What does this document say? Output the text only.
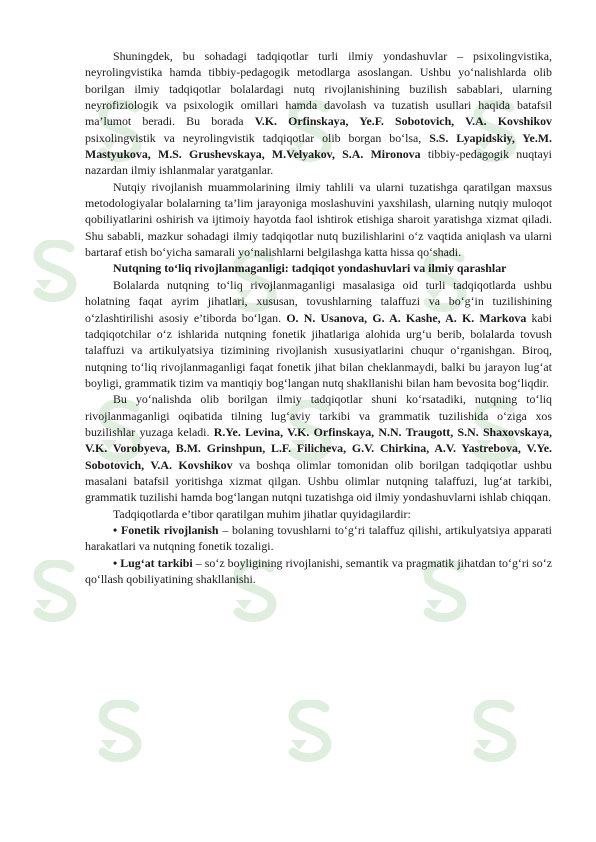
Shuningdek, bu sohadagi tadqiqotlar turli ilmiy yondashuvlar – psixolingvistika, neyrolingvistika hamda tibbiy-pedagogik metodlarga asoslangan. Ushbu yo‘nalishlarda olib borilgan ilmiy tadqiqotlar bolalardagi nutq rivojlanishining buzilish sabablari, ularning neyrofiziologik va psixologik omillari hamda davolash va tuzatish usullari haqida batafsil ma’lumot beradi. Bu borada V.K. Orfinskaya, Ye.F. Sobotovich, V.A. Kovshikov psixolingvistik va neyrolingvistik tadqiqotlar olib borgan bo‘lsa, S.S. Lyapidskiy, Ye.M. Mastyukova, M.S. Grushevskaya, M.Velyakov, S.A. Mironova tibbiy-pedagogik nuqtayi nazardan ilmiy ishlanmalar yaratganlar.

Nutqiy rivojlanish muammolarining ilmiy tahlili va ularni tuzatishga qaratilgan maxsus metodologiyalar bolalarning ta’lim jarayoniga moslashuvini yaxshilash, ularning nutqiy muloqot qobiliyatlarini oshirish va ijtimoiy hayotda faol ishtirok etishiga sharoit yaratishga xizmat qiladi. Shu sababli, mazkur sohadagi ilmiy tadqiqotlar nutq buzilishlarini o‘z vaqtida aniqlash va ularni bartaraf etish bo‘yicha samarali yo‘nalishlarni belgilashga katta hissa qo‘shadi.

Nutqning to‘liq rivojlanmaganligi: tadqiqot yondashuvlari va ilmiy qarashlar

Bolalarda nutqning to‘liq rivojlanmaganligi masalasiga oid turli tadqiqotlarda ushbu holatning faqat ayrim jihatlari, xususan, tovushlarning talaffuzi va bo‘g‘in tuzilishining o‘zlashtirilishi asosiy e’tiborda bo‘lgan. O. N. Usanova, G. A. Kashe, A. K. Markova kabi tadqiqotchilar o‘z ishlarida nutqning fonetik jihatlariga alohida urg‘u berib, bolalarda tovush talaffuzi va artikulyatsiya tizimining rivojlanish xususiyatlarini chuqur o‘rganishgan. Biroq, nutqning to‘liq rivojlanmaganligi faqat fonetik jihat bilan cheklanmaydi, balki bu jarayon lug‘at boyligi, grammatik tizim va mantiqiy bog‘langan nutq shakllanishi bilan ham bevosita bog‘liqdir.

Bu yo‘nalishda olib borilgan ilmiy tadqiqotlar shuni ko‘rsatadiki, nutqning to‘liq rivojlanmaganligi oqibatida tilning lug‘aviy tarkibi va grammatik tuzilishida o‘ziga xos buzilishlar yuzaga keladi. R.Ye. Levina, V.K. Orfinskaya, N.N. Traugott, S.N. Shaxovskaya, V.K. Vorobyeva, B.M. Grinshpun, L.F. Filicheva, G.V. Chirkina, A.V. Yastrebova, V.Ye. Sobotovich, V.A. Kovshikov va boshqa olimlar tomonidan olib borilgan tadqiqotlar ushbu masalani batafsil yoritishga xizmat qilgan. Ushbu olimlar nutqning talaffuzi, lug‘at tarkibi, grammatik tuzilishi hamda bog‘langan nutqni tuzatishga oid ilmiy yondashuvlarni ishlab chiqqan.

Tadqiqotlarda e’tibor qaratilgan muhim jihatlar quyidagilardir:

• Fonetik rivojlanish – bolaning tovushlarni to‘g‘ri talaffuz qilishi, artikulyatsiya apparati harakatlari va nutqning fonetik tozaligi.

• Lug‘at tarkibi – so‘z boyligining rivojlanishi, semantik va pragmatik jihatdan to‘g‘ri so‘z qo‘llash qobiliyatining shakllanishi.
